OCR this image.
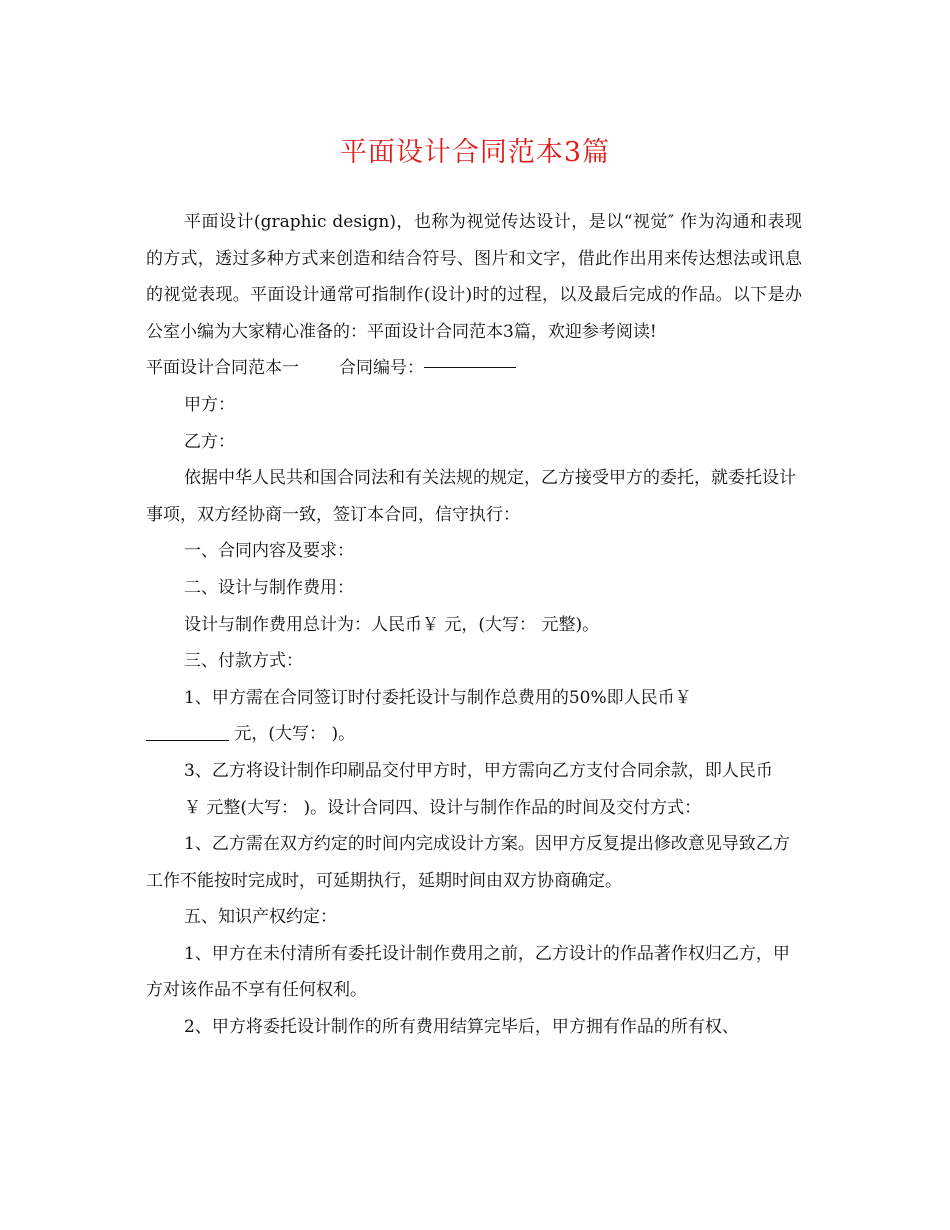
平面设计合同范本3篇

平面设计(graphic design)，也称为视觉传达设计，是以“视觉″ 作为沟通和表现的方式，透过多种方式来创造和结合符号、图片和文字，借此作出用来传达想法或讯息的视觉表现。平面设计通常可指制作(设计)时的过程，以及最后完成的作品。以下是办公室小编为大家精心准备的：平面设计合同范本3篇，欢迎参考阅读!

平面设计合同范本一 合同编号：

甲方：

乙方：

依据中华人民共和国合同法和有关法规的规定，乙方接受甲方的委托，就委托设计事项，双方经协商一致，签订本合同，信守执行：

一、合同内容及要求：

二、设计与制作费用：

设计与制作费用总计为：人民币￥ 元，(大写： 元整)。

三、付款方式：

1、甲方需在合同签订时付委托设计与制作总费用的50%即人民币￥

元，(大写： )。

3、乙方将设计制作印刷品交付甲方时，甲方需向乙方支付合同余款，即人民币

￥ 元整(大写： )。设计合同四、设计与制作作品的时间及交付方式：

1、乙方需在双方约定的时间内完成设计方案。因甲方反复提出修改意见导致乙方工作不能按时完成时，可延期执行，延期时间由双方协商确定。

五、知识产权约定：

1、甲方在未付清所有委托设计制作费用之前，乙方设计的作品著作权归乙方，甲方对该作品不享有任何权利。

2、甲方将委托设计制作的所有费用结算完毕后，甲方拥有作品的所有权、
